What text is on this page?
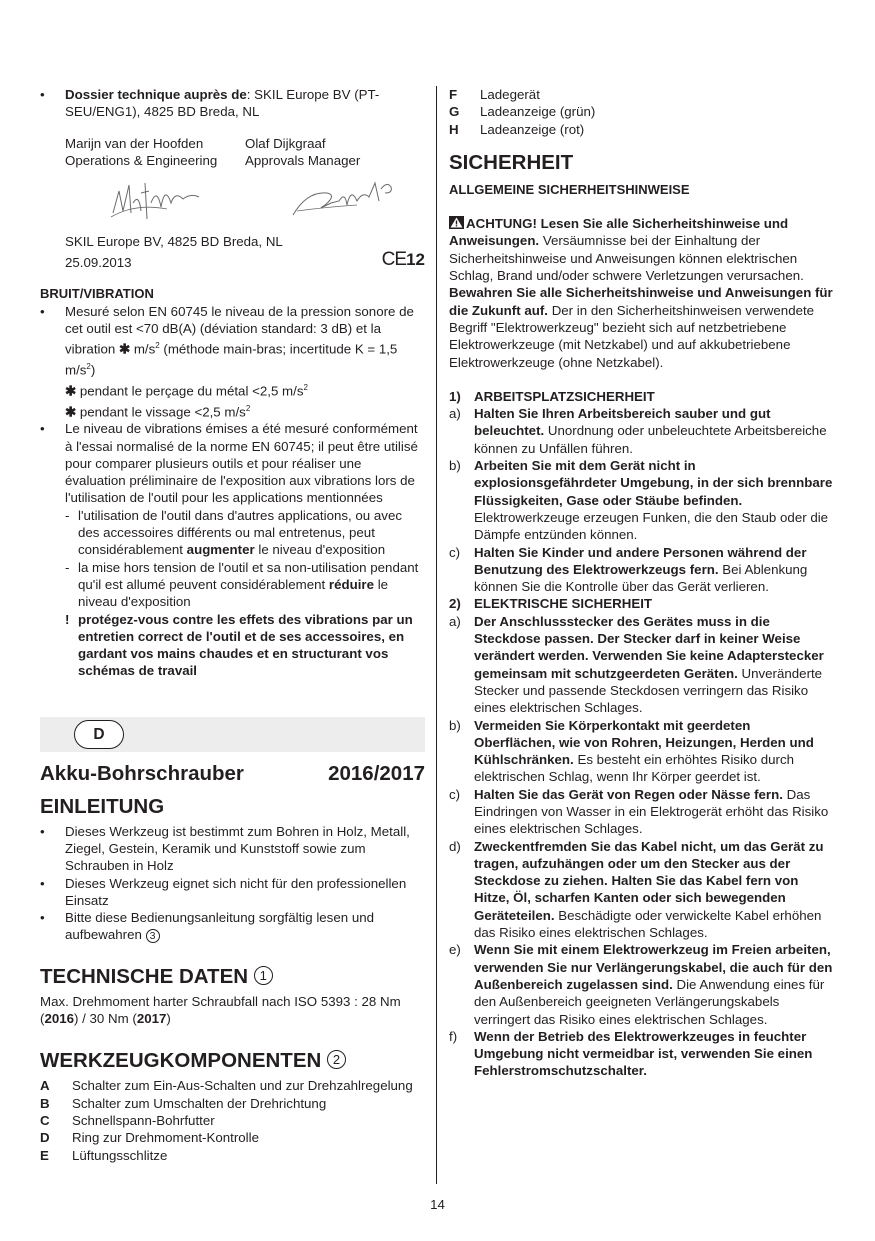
• Dossier technique auprès de: SKIL Europe BV (PT-SEU/ENG1), 4825 BD Breda, NL
Marijn van der Hoofden
Operations & Engineering
Olaf Dijkgraaf
Approvals Manager
SKIL Europe BV, 4825 BD Breda, NL
25.09.2013	CE12
BRUIT/VIBRATION
• Mesuré selon EN 60745 le niveau de la pression sonore de cet outil est <70 dB(A) (déviation standard: 3 dB) et la vibration ✱ $m/s^2$ (méthode main-bras; incertitude K = 1,5 $m/s^2$)
✱ pendant le perçage du métal <2,5 $m/s^2$
✱ pendant le vissage <2,5 $m/s^2$
• Le niveau de vibrations émises a été mesuré conformément à l'essai normalisé de la norme EN 60745; il peut être utilisé pour comparer plusieurs outils et pour réaliser une évaluation préliminaire de l'exposition aux vibrations lors de l'utilisation de l'outil pour les applications mentionnées
- l'utilisation de l'outil dans d'autres applications, ou avec des accessoires différents ou mal entretenus, peut considérablement augmenter le niveau d'exposition
- la mise hors tension de l'outil et sa non-utilisation pendant qu'il est allumé peuvent considérablement réduire le niveau d'exposition
! protégez-vous contre les effets des vibrations par un entretien correct de l'outil et de ses accessoires, en gardant vos mains chaudes et en structurant vos schémas de travail
D
Akku-Bohrschrauber	2016/2017
EINLEITUNG
• Dieses Werkzeug ist bestimmt zum Bohren in Holz, Metall, Ziegel, Gestein, Keramik und Kunststoff sowie zum Schrauben in Holz
• Dieses Werkzeug eignet sich nicht für den professionellen Einsatz
• Bitte diese Bedienungsanleitung sorgfältig lesen und aufbewahren 3
TECHNISCHE DATEN 1
Max. Drehmoment harter Schraubfall nach ISO 5393 : 28 Nm (2016) / 30 Nm (2017)
WERKZEUGKOMPONENTEN 2
A	Schalter zum Ein-Aus-Schalten und zur Drehzahlregelung
B	Schalter zum Umschalten der Drehrichtung
C	Schnellspann-Bohrfutter
D	Ring zur Drehmoment-Kontrolle
E	Lüftungsschlitze
F	Ladegerät
G	Ladeanzeige (grün)
H	Ladeanzeige (rot)
SICHERHEIT
ALLGEMEINE SICHERHEITSHINWEISE
ACHTUNG! Lesen Sie alle Sicherheitshinweise und Anweisungen. Versäumnisse bei der Einhaltung der Sicherheitshinweise und Anweisungen können elektrischen Schlag, Brand und/oder schwere Verletzungen verursachen. Bewahren Sie alle Sicherheitshinweise und Anweisungen für die Zukunft auf. Der in den Sicherheitshinweisen verwendete Begriff "Elektrowerkzeug" bezieht sich auf netzbetriebene Elektrowerkzeuge (mit Netzkabel) und auf akkubetriebene Elektrowerkzeuge (ohne Netzkabel).
1) ARBEITSPLATZSICHERHEIT
a) Halten Sie Ihren Arbeitsbereich sauber und gut beleuchtet. Unordnung oder unbeleuchtete Arbeitsbereiche können zu Unfällen führen.
b) Arbeiten Sie mit dem Gerät nicht in explosionsgefährdeter Umgebung, in der sich brennbare Flüssigkeiten, Gase oder Stäube befinden. Elektrowerkzeuge erzeugen Funken, die den Staub oder die Dämpfe entzünden können.
c) Halten Sie Kinder und andere Personen während der Benutzung des Elektrowerkzeugs fern. Bei Ablenkung können Sie die Kontrolle über das Gerät verlieren.
2) ELEKTRISCHE SICHERHEIT
a) Der Anschlussstecker des Gerätes muss in die Steckdose passen. Der Stecker darf in keiner Weise verändert werden. Verwenden Sie keine Adapterstecker gemeinsam mit schutzgeerdeten Geräten. Unveränderte Stecker und passende Steckdosen verringern das Risiko eines elektrischen Schlages.
b) Vermeiden Sie Körperkontakt mit geerdeten Oberflächen, wie von Rohren, Heizungen, Herden und Kühlschränken. Es besteht ein erhöhtes Risiko durch elektrischen Schlag, wenn Ihr Körper geerdet ist.
c) Halten Sie das Gerät von Regen oder Nässe fern. Das Eindringen von Wasser in ein Elektrogerät erhöht das Risiko eines elektrischen Schlages.
d) Zweckentfremden Sie das Kabel nicht, um das Gerät zu tragen, aufzuhängen oder um den Stecker aus der Steckdose zu ziehen. Halten Sie das Kabel fern von Hitze, Öl, scharfen Kanten oder sich bewegenden Geräteteilen. Beschädigte oder verwickelte Kabel erhöhen das Risiko eines elektrischen Schlages.
e) Wenn Sie mit einem Elektrowerkzeug im Freien arbeiten, verwenden Sie nur Verlängerungskabel, die auch für den Außenbereich zugelassen sind. Die Anwendung eines für den Außenbereich geeigneten Verlängerungskabels verringert das Risiko eines elektrischen Schlages.
f) Wenn der Betrieb des Elektrowerkzeuges in feuchter Umgebung nicht vermeidbar ist, verwenden Sie einen Fehlerstromschutzschalter.
14
